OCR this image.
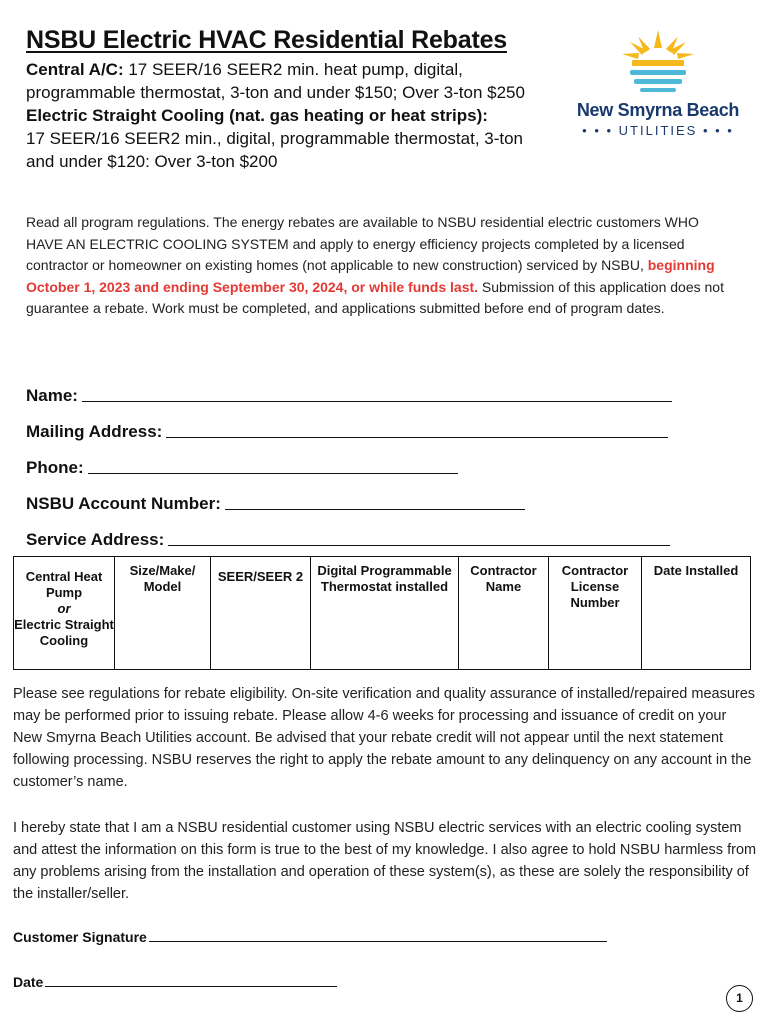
NSBU Electric HVAC Residential Rebates

Central A/C: 17 SEER/16 SEER2 min. heat pump, digital, programmable thermostat, 3-ton and under $150; Over 3-ton $250

Electric Straight Cooling (nat. gas heating or heat strips):

17 SEER/16 SEER2 min., digital, programmable thermostat, 3-ton and under $120: Over 3-ton $200

New Smyrna Beach
• • • UTILITIES • • •
Read all program regulations. The energy rebates are available to NSBU residential electric customers WHO HAVE AN ELECTRIC COOLING SYSTEM and apply to energy efficiency projects completed by a licensed contractor or homeowner on existing homes (not applicable to new construction) serviced by NSBU, beginning October 1, 2023 and ending September 30, 2024, or while funds last. Submission of this application does not guarantee a rebate. Work must be completed, and applications submitted before end of program dates.
Name:
Mailing Address:
Phone:
NSBU Account Number:
Service Address:
Central Heat Pump
or
Electric Straight Cooling
	Size/Make/ Model	SEER/SEER 2	Digital Programmable Thermostat installed	Contractor Name	Contractor License Number	Date Installed
Please see regulations for rebate eligibility. On-site verification and quality assurance of installed/repaired measures may be performed prior to issuing rebate. Please allow 4-6 weeks for processing and issuance of credit on your New Smyrna Beach Utilities account. Be advised that your rebate credit will not appear until the next statement following processing. NSBU reserves the right to apply the rebate amount to any delinquency on any account in the customer’s name.
I hereby state that I am a NSBU residential customer using NSBU electric services with an electric cooling system and attest the information on this form is true to the best of my knowledge. I also agree to hold NSBU harmless from any problems arising from the installation and operation of these system(s), as these are solely the responsibility of the installer/seller.
Customer Signature
Date
1
